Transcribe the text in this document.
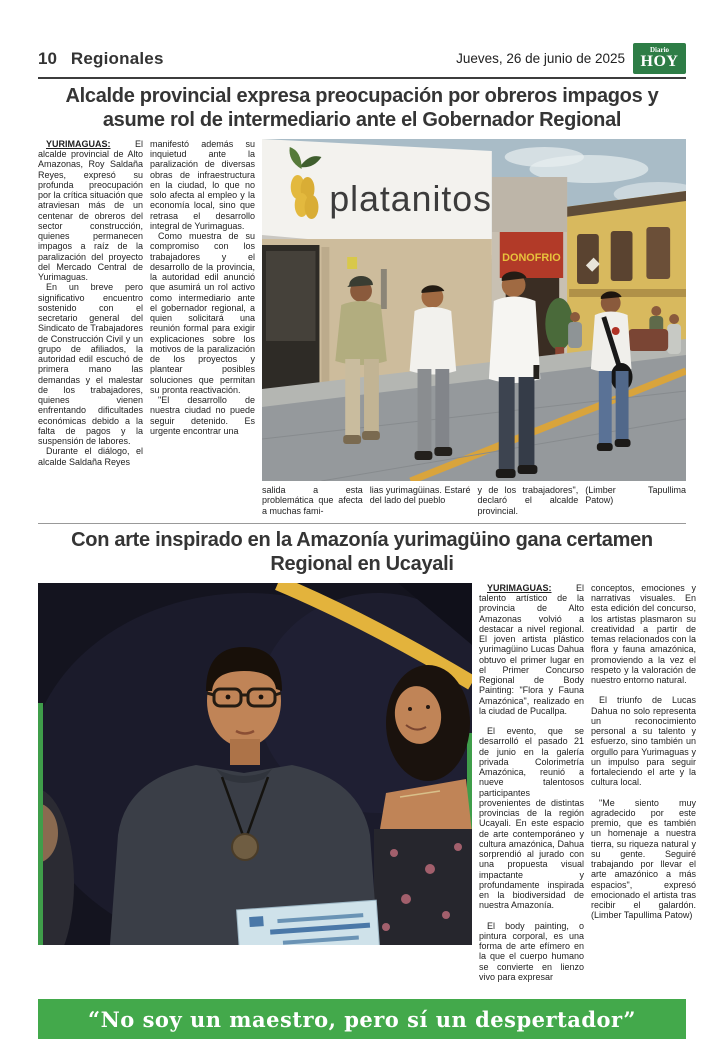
10 Regionales	Jueves, 26 de junio de 2025
Diario
HOY
Alcalde provincial expresa preocupación por obreros impagos y asume rol de intermediario ante el Gobernador Regional

YURIMAGUAS:	El alcalde provincial de Alto Amazonas, Roy Saldaña Reyes, expresó su profunda preocupación por la crítica situación que atraviesan más de un centenar de obreros del sector construcción, quienes permanecen impagos a raíz de la paralización del proyecto del Mercado Central de Yurimaguas.

En un breve pero significativo encuentro sostenido con el secretario general del Sindicato de Trabajadores de Construcción Civil y un grupo de afiliados, la autoridad edil escuchó de primera mano las demandas y el malestar de los trabajadores, quienes vienen enfrentando dificultades económicas debido a la falta de pagos y la suspensión de labores.

Durante el diálogo, el alcalde Saldaña Reyes

manifestó además su inquietud ante la paralización de diversas obras de infraestructura en la ciudad, lo que no solo afecta al empleo y la economía local, sino que retrasa el desarrollo integral de Yurimaguas.

Como muestra de su compromiso con los trabajadores y el desarrollo de la provincia, la autoridad edil anunció que asumirá un rol activo como intermediario ante el gobernador regional, a quien solicitará una reunión formal para exigir explicaciones sobre los motivos de la paralización de los proyectos y plantear posibles soluciones que permitan su pronta reactivación.

"El desarrollo de nuestra ciudad no puede seguir detenido. Es urgente encontrar una

DONOFRIO
platanitos
salida a esta problemática que afecta a muchas fami-
lias yurimagüinas. Estaré del lado del pueblo
y de los trabajadores", declaró el alcalde provincial.
(Limber Tapullima Patow)
Con arte inspirado en la Amazonía yurimagüino gana certamen Regional en Ucayali

YURIMAGUAS:	El talento artístico de la provincia de Alto Amazonas volvió a destacar a nivel regional. El joven artista plástico yurimagüino Lucas Dahua obtuvo el primer lugar en el Primer Concurso Regional de Body Painting: "Flora y Fauna Amazónica", realizado en la ciudad de Pucallpa.

El evento, que se desarrolló el pasado 21 de junio en la galería privada Colorimetría Amazónica, reunió a nueve talentosos participantes provenientes de distintas provincias de la región Ucayali. En este espacio de arte contemporáneo y cultura amazónica, Dahua sorprendió al jurado con una propuesta visual impactante y profundamente inspirada en la biodiversidad de nuestra Amazonía.

El body painting, o pintura corporal, es una forma de arte efímero en la que el cuerpo humano se convierte en lienzo vivo para expresar

conceptos, emociones y narrativas visuales. En esta edición del concurso, los artistas plasmaron su creatividad a partir de temas relacionados con la flora y fauna amazónica, promoviendo a la vez el respeto y la valoración de nuestro entorno natural.

El triunfo de Lucas Dahua no solo representa un reconocimiento personal a su talento y esfuerzo, sino también un orgullo para Yurimaguas y un impulso para seguir fortaleciendo el arte y la cultura local.

"Me siento muy agradecido por este premio, que es también un homenaje a nuestra tierra, su riqueza natural y su gente. Seguiré trabajando por llevar el arte amazónico a más espacios", expresó emocionado el artista tras recibir el galardón. (Limber Tapullima Patow)

“No soy un maestro, pero sí un despertador”
